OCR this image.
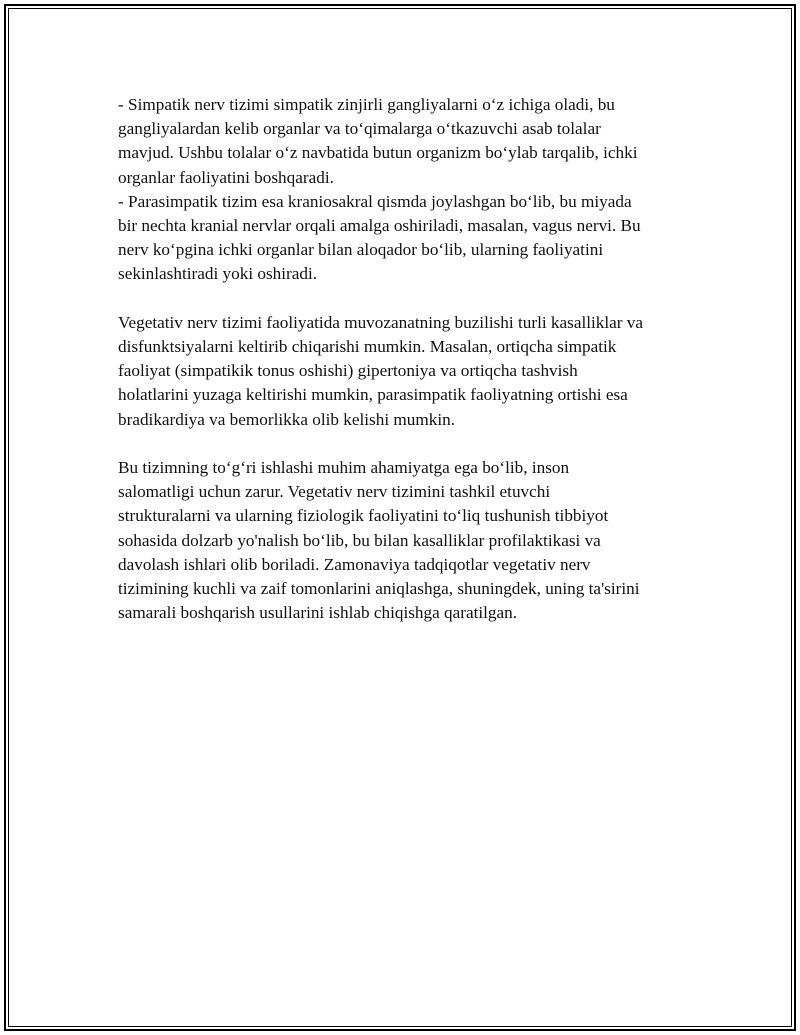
- Simpatik nerv tizimi simpatik zinjirli gangliyalarni oʻz ichiga oladi, bu
gangliyalardan kelib organlar va toʻqimalarga oʻtkazuvchi asab tolalar
mavjud. Ushbu tolalar oʻz navbatida butun organizm boʻylab tarqalib, ichki
organlar faoliyatini boshqaradi.
- Parasimpatik tizim esa kraniosakral qismda joylashgan boʻlib, bu miyada
bir nechta kranial nervlar orqali amalga oshiriladi, masalan, vagus nervi. Bu
nerv koʻpgina ichki organlar bilan aloqador boʻlib, ularning faoliyatini
sekinlashtiradi yoki oshiradi.

Vegetativ nerv tizimi faoliyatida muvozanatning buzilishi turli kasalliklar va
disfunktsiyalarni keltirib chiqarishi mumkin. Masalan, ortiqcha simpatik
faoliyat (simpatikik tonus oshishi) gipertoniya va ortiqcha tashvish
holatlarini yuzaga keltirishi mumkin, parasimpatik faoliyatning ortishi esa
bradikardiya va bemorlikka olib kelishi mumkin.

Bu tizimning toʻgʻri ishlashi muhim ahamiyatga ega boʻlib, inson
salomatligi uchun zarur. Vegetativ nerv tizimini tashkil etuvchi
strukturalarni va ularning fiziologik faoliyatini toʻliq tushunish tibbiyot
sohasida dolzarb yo'nalish boʻlib, bu bilan kasalliklar profilaktikasi va
davolash ishlari olib boriladi. Zamonaviya tadqiqotlar vegetativ nerv
tizimining kuchli va zaif tomonlarini aniqlashga, shuningdek, uning ta'sirini
samarali boshqarish usullarini ishlab chiqishga qaratilgan.
